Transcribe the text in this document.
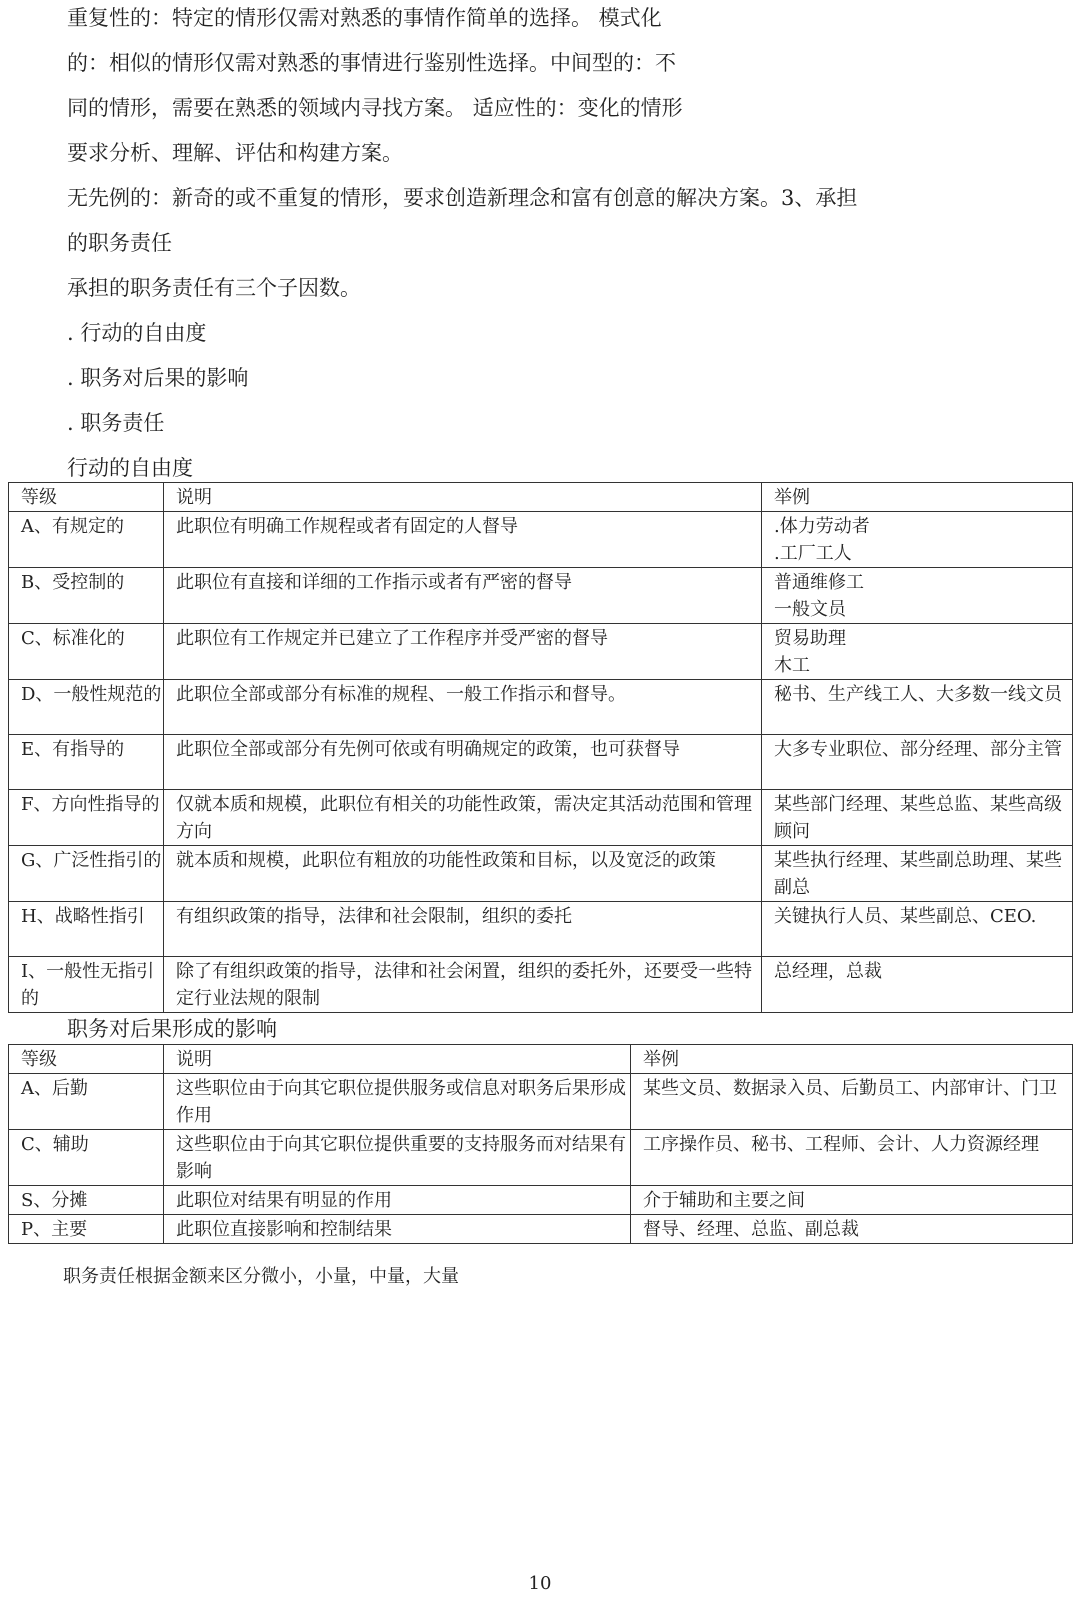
重复性的：特定的情形仅需对熟悉的事情作简单的选择。 模式化
的：相似的情形仅需对熟悉的事情进行鉴别性选择。中间型的：不
同的情形，需要在熟悉的领域内寻找方案。 适应性的：变化的情形
要求分析、理解、评估和构建方案。
无先例的：新奇的或不重复的情形，要求创造新理念和富有创意的解决方案。3、承担
的职务责任
承担的职务责任有三个子因数。
. 行动的自由度
. 职务对后果的影响
. 职务责任
行动的自由度
等级	说明	举例
A、有规定的	此职位有明确工作规程或者有固定的人督导	.体力劳动者
.工厂工人

B、受控制的	此职位有直接和详细的工作指示或者有严密的督导	普通维修工
一般文员

C、标准化的	此职位有工作规定并已建立了工作程序并受严密的督导	贸易助理
木工

D、一般性规范的	此职位全部或部分有标准的规程、一般工作指示和督导。	秘书、生产线工人、大多数一线文员
E、有指导的	此职位全部或部分有先例可依或有明确规定的政策，也可获督导	大多专业职位、部分经理、部分主管
F、方向性指导的	仅就本质和规模，此职位有相关的功能性政策，需决定其活动范围和管理方向	某些部门经理、某些总监、某些高级顾问
G、广泛性指引的	就本质和规模，此职位有粗放的功能性政策和目标，以及宽泛的政策	某些执行经理、某些副总助理、某些副总
H、战略性指引	有组织政策的指导，法律和社会限制，组织的委托	关键执行人员、某些副总、CEO.
I、一般性无指引的	除了有组织政策的指导，法律和社会闲置，组织的委托外，还要受一些特定行业法规的限制	总经理，总裁
职务对后果形成的影响
等级	说明	举例
A、后勤	这些职位由于向其它职位提供服务或信息对职务后果形成作用	某些文员、数据录入员、后勤员工、内部审计、门卫
C、辅助	这些职位由于向其它职位提供重要的支持服务而对结果有影响	工序操作员、秘书、工程师、会计、人力资源经理
S、分摊	此职位对结果有明显的作用	介于辅助和主要之间
P、主要	此职位直接影响和控制结果	督导、经理、总监、副总裁
职务责任根据金额来区分微小，小量，中量，大量
10
